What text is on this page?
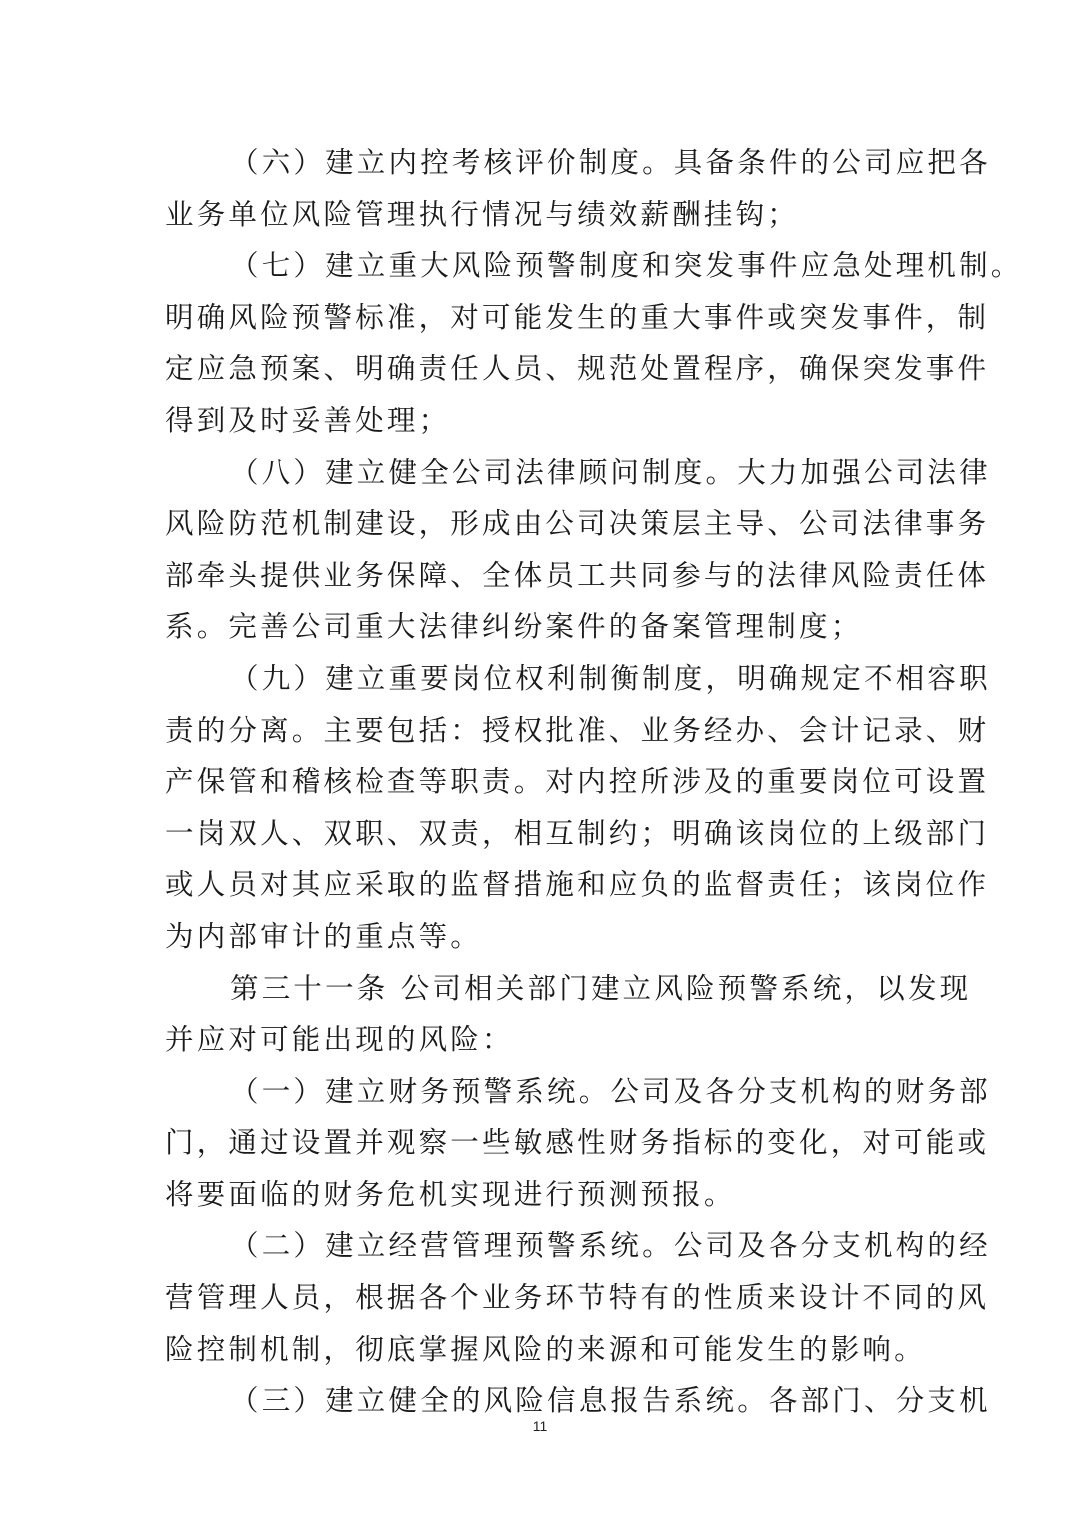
（六）建立内控考核评价制度。具备条件的公司应把各
业务单位风险管理执行情况与绩效薪酬挂钩；
（七）建立重大风险预警制度和突发事件应急处理机制。
明确风险预警标准，对可能发生的重大事件或突发事件，制
定应急预案、明确责任人员、规范处置程序，确保突发事件
得到及时妥善处理；
（八）建立健全公司法律顾问制度。大力加强公司法律
风险防范机制建设，形成由公司决策层主导、公司法律事务
部牵头提供业务保障、全体员工共同参与的法律风险责任体
系。完善公司重大法律纠纷案件的备案管理制度；
（九）建立重要岗位权利制衡制度，明确规定不相容职
责的分离。主要包括：授权批准、业务经办、会计记录、财
产保管和稽核检查等职责。对内控所涉及的重要岗位可设置
一岗双人、双职、双责，相互制约；明确该岗位的上级部门
或人员对其应采取的监督措施和应负的监督责任；该岗位作
为内部审计的重点等。
第三十一条 公司相关部门建立风险预警系统，以发现
并应对可能出现的风险：
（一）建立财务预警系统。公司及各分支机构的财务部
门，通过设置并观察一些敏感性财务指标的变化，对可能或
将要面临的财务危机实现进行预测预报。
（二）建立经营管理预警系统。公司及各分支机构的经
营管理人员，根据各个业务环节特有的性质来设计不同的风
险控制机制，彻底掌握风险的来源和可能发生的影响。
（三）建立健全的风险信息报告系统。各部门、分支机
11
